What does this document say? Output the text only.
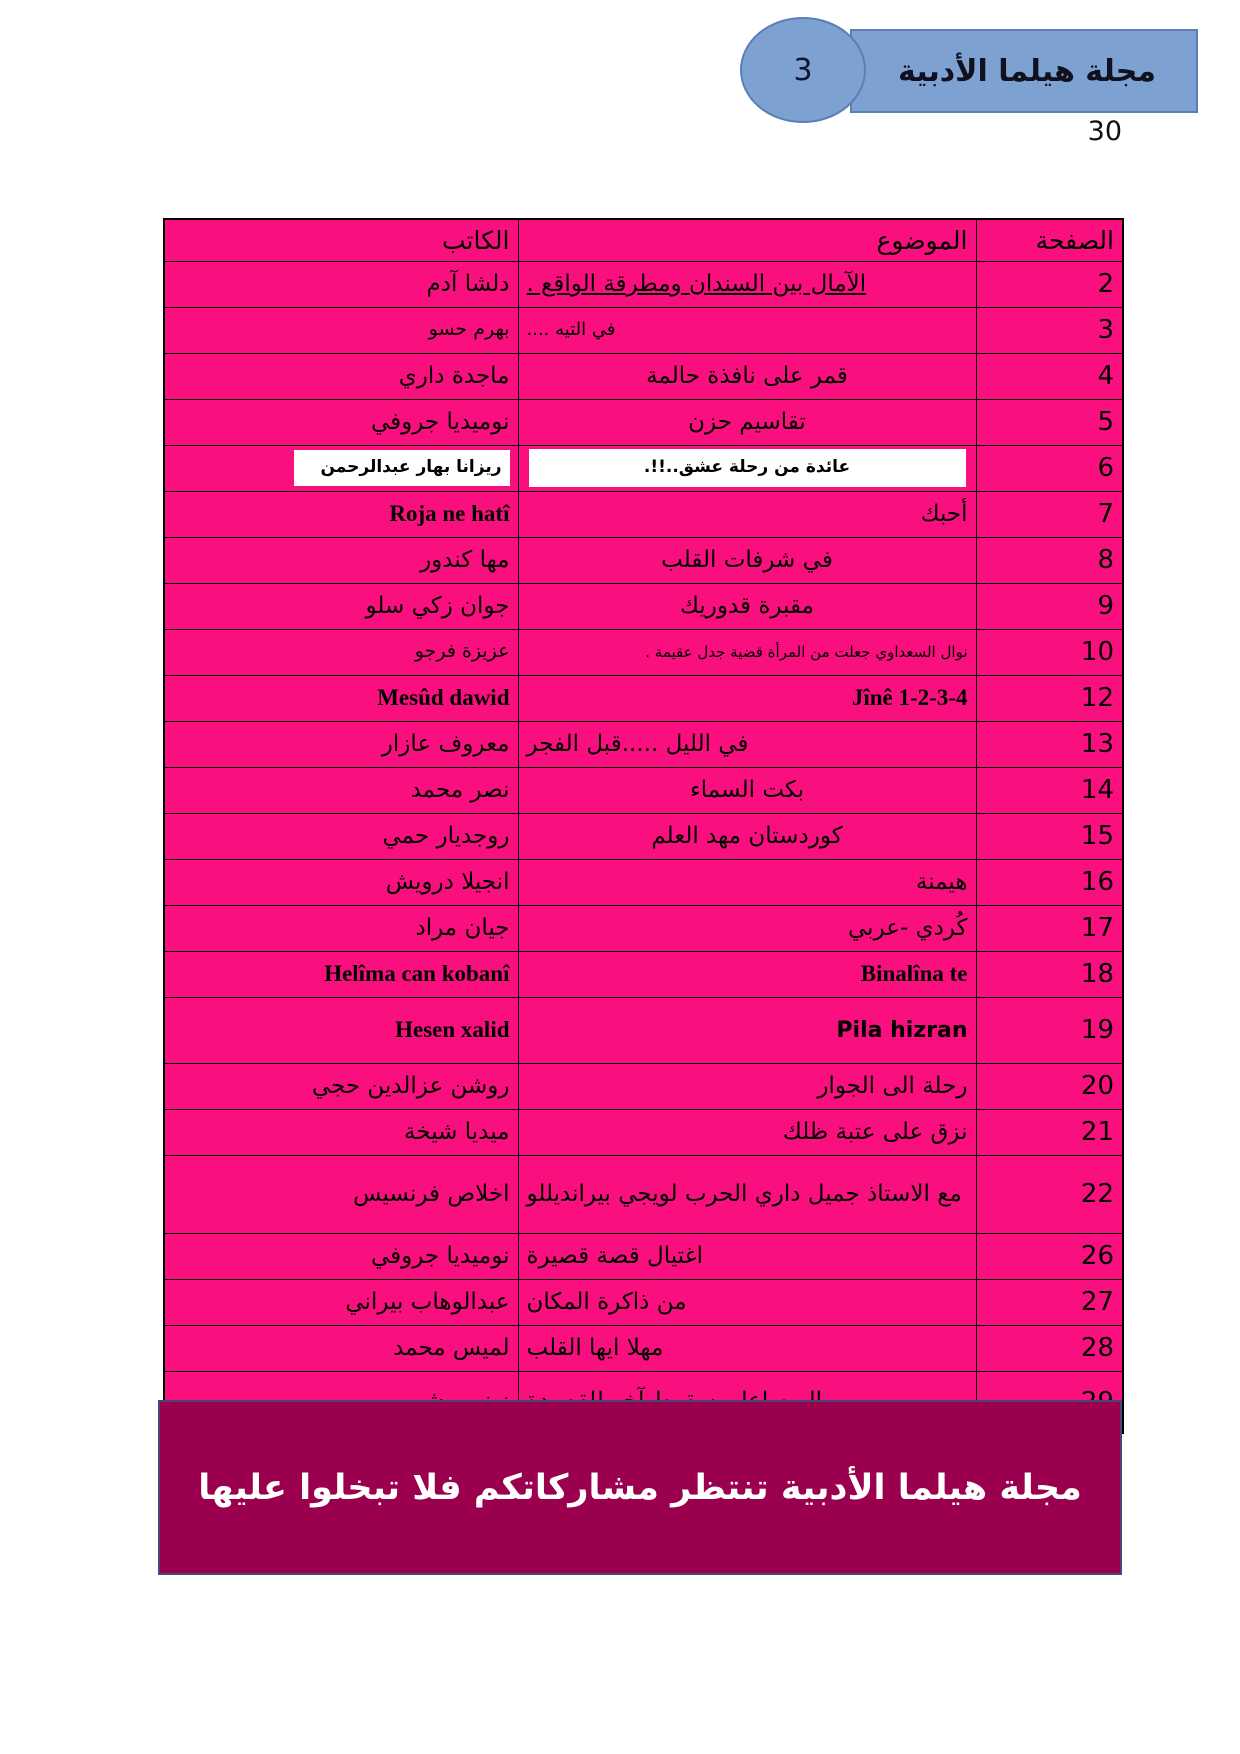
مجلة هيلما الأدبية
3
30
الصفحة	الموضوع	الكاتب
2	الآمال بين السندان ومطرقة الواقع .	دلشا آدم
3	في التيه ....	بهرم حسو
4	قمر على نافذة حالمة	ماجدة داري
5	تقاسيم حزن	نوميديا جروفي
6	عائدة من رحلة عشق..!!.	ريزانا بهار عبدالرحمن
7	أحبك	Roja ne hatî
8	في شرفات القلب	مها كندور
9	مقبرة قدوريك	جوان زكي سلو
10	نوال السعداوي جعلت من المرأة قضية جدل عقيمة .	عزيزة فرجو
12	Jînê 1-2-3-4	Mesûd dawid
13	في الليل .....قبل الفجر	معروف عازار
14	بكت السماء	نصر محمد
15	كوردستان مهد العلم	روجديار حمي
16	هيمنة	انجيلا درويش
17	كُردي -عربي	جيان مراد
18	Binalîna te	Helîma can kobanî
19	Pila hizran	Hesen xalid
20	رحلة الى الجوار	روشن عزالدين حجي
21	نزق على عتبة ظلك	ميديا شيخة
22	مع الاستاذ جميل داري الحرب لويجي بيرانديللو	اخلاص فرنسيس
26	اغتيال قصة قصيرة	نوميديا جروفي
27	من ذاكرة المكان	عبدالوهاب بيراني
28	مهلا ايها القلب	لميس محمد

مجلة هيلما الأدبية تنتظر مشاركاتكم فلا تبخلوا عليها
